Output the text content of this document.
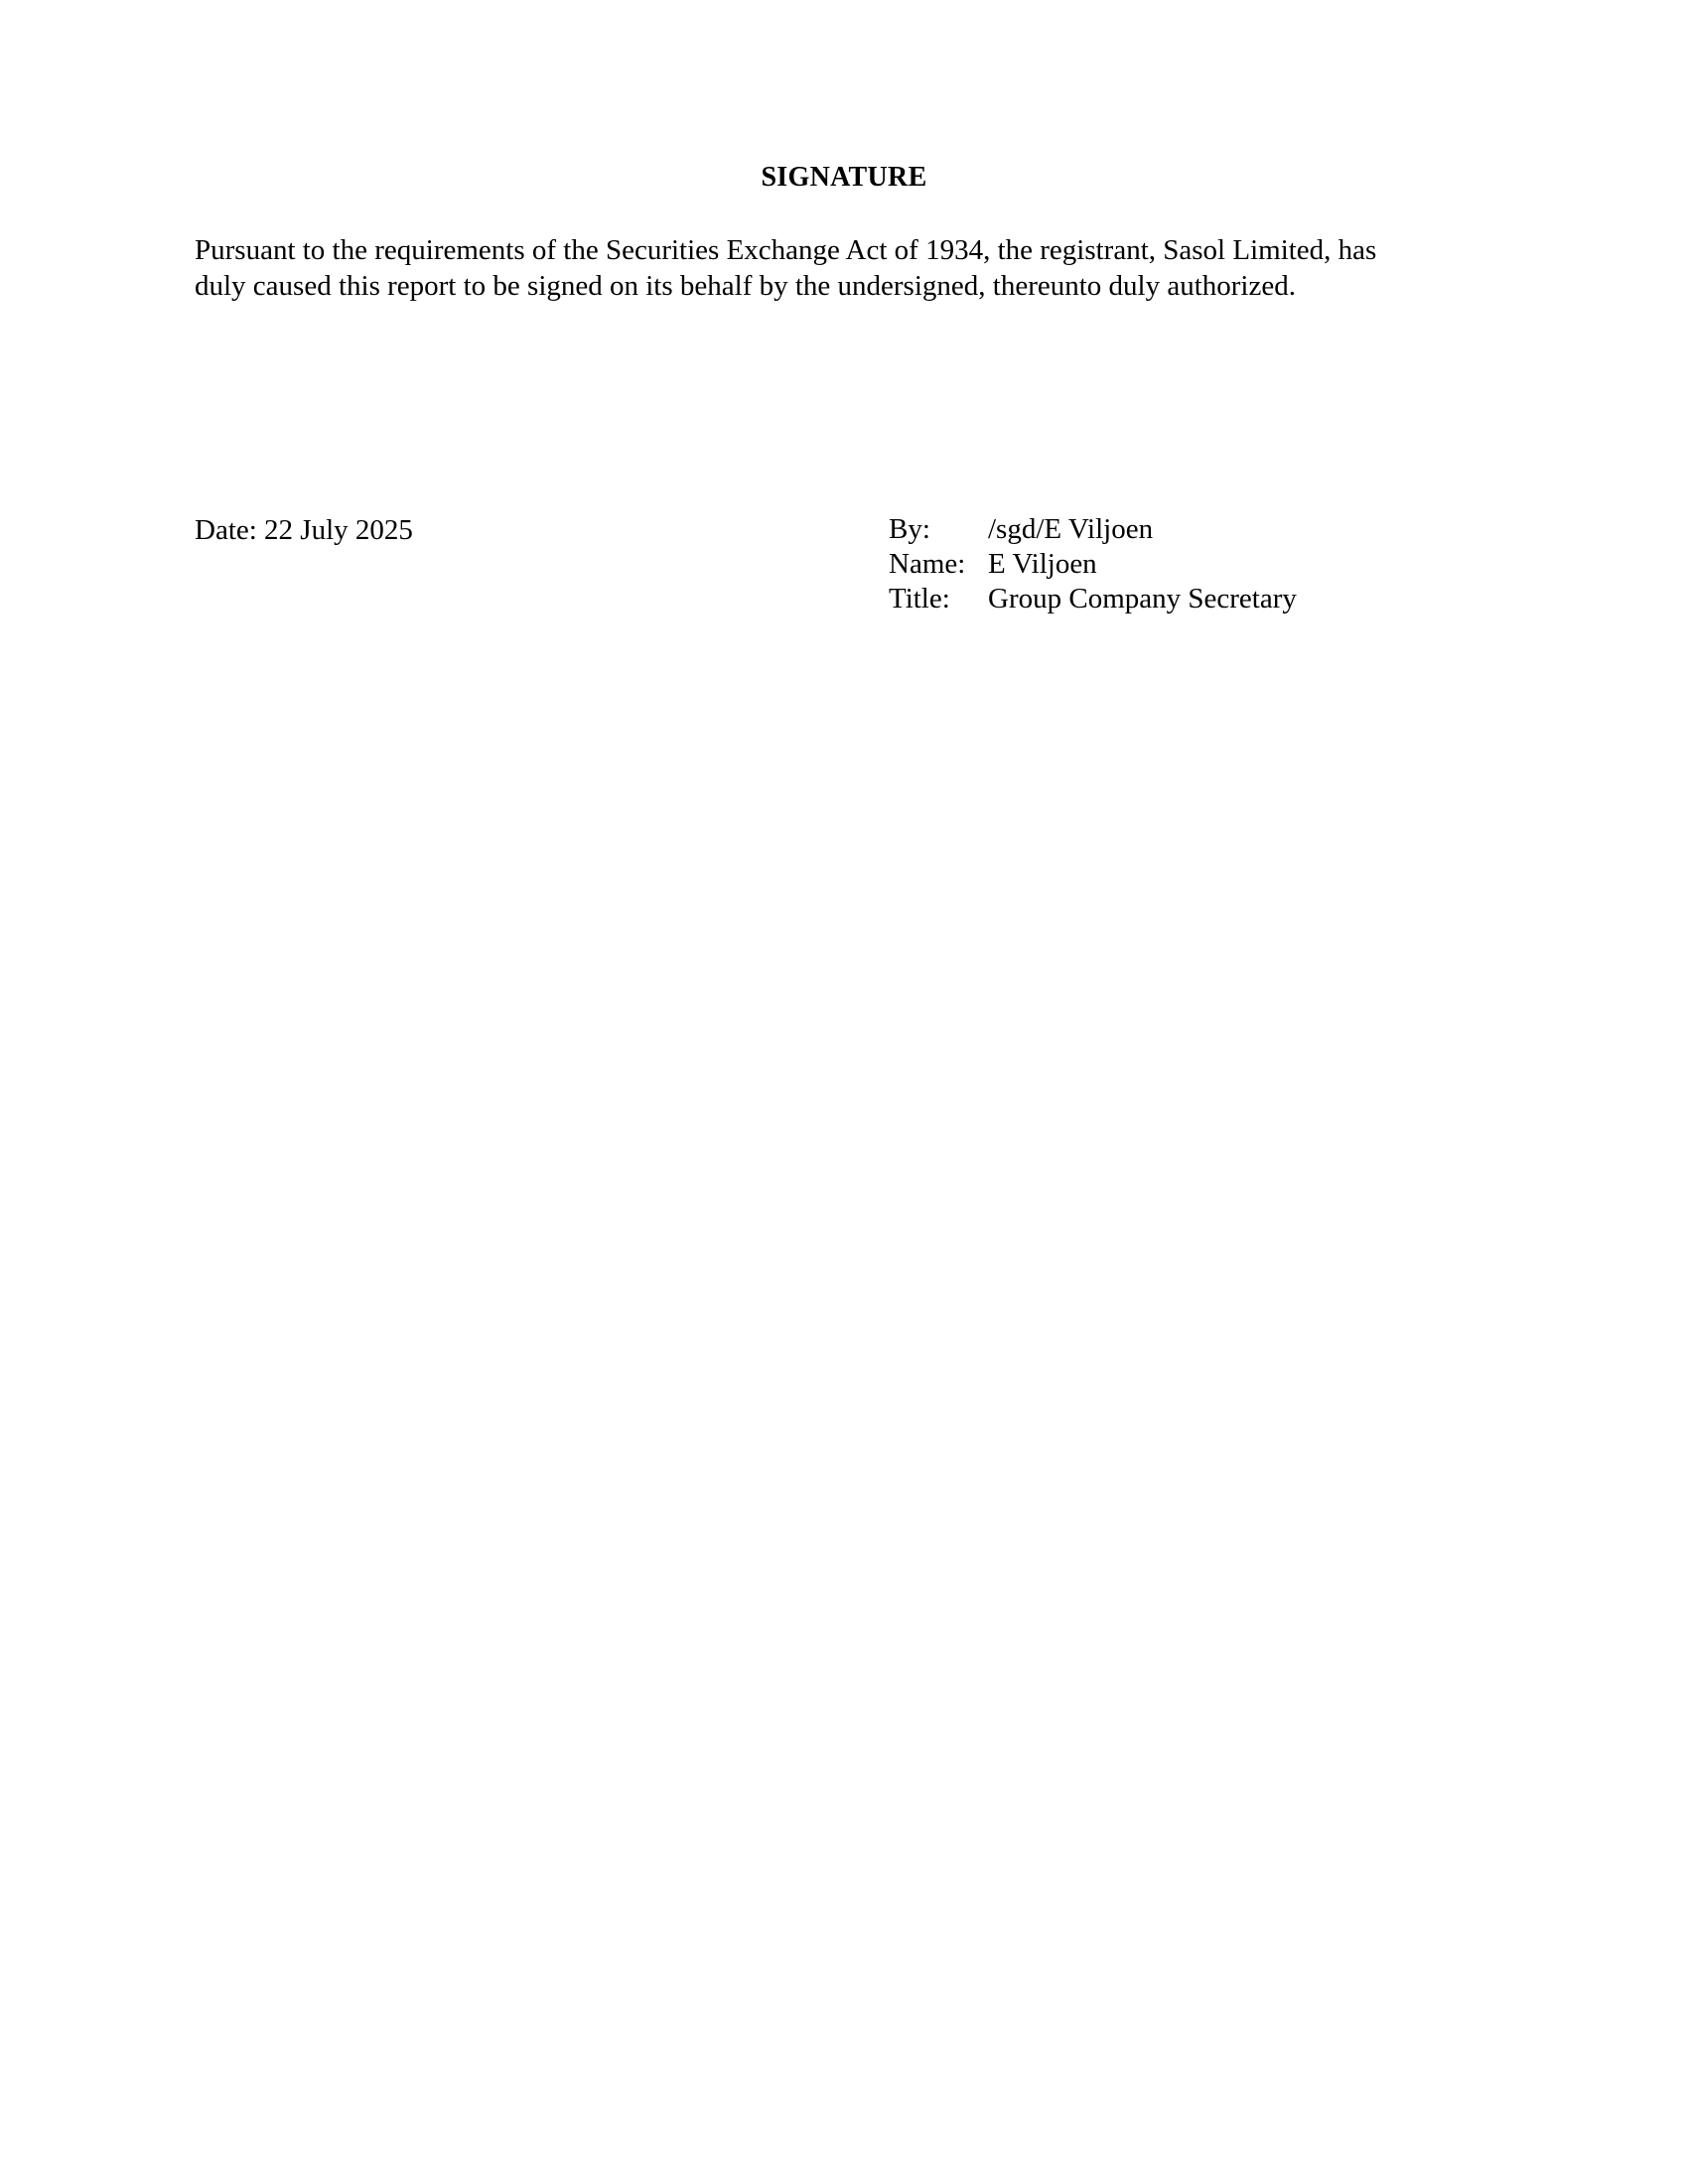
SIGNATURE

Pursuant to the requirements of the Securities Exchange Act of 1934, the registrant, Sasol Limited, has
duly caused this report to be signed on its behalf by the undersigned, thereunto duly authorized.

Date: 22 July 2025	By:	/sgd/E Viljoen
Name: E Viljoen
Title:	Group Company Secretary
